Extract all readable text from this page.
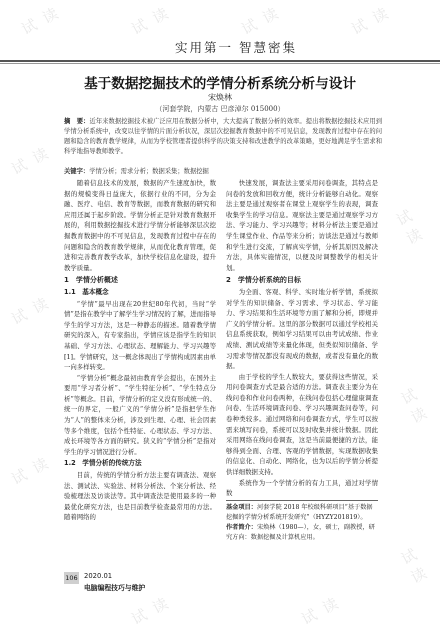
试 读	试 读	试 读	试 读
试 读
试 读
试 读
试 读
试 读
试 读
试 读	试 读
实用第一 智慧密集
基于数据挖掘技术的学情分析系统分析与设计
宋焕林
（河套学院，内蒙古 巴彦淖尔 015000）
摘　要：近年来数据挖掘技术被广泛应用在数据分析中，大大提高了数据分析的效率。提出将数据挖掘技术应用到学情分析系统中，改变以往学情的片面分析状况，深层次挖掘教育数据中的不可见信息，发现教育过程中存在的问题和隐含的教育教学规律，从而为学校管理者提供科学的决策支持和改进教学的改革策略，更好地满足学生需求和科学地指导教师教学。
关键字：学情分析；需求分析；数据采集；数据挖掘

随着信息技术的发展，数据的产生速度加快，数据的规模变得日益庞大，依据行业的不同，分为金融、医疗、电信、教育等数据，而教育数据的研究和应用还属于起步阶段。学情分析正是针对教育数据开展的，利用数据挖掘技术进行学情分析能够深层次挖掘教育数据中的不可见信息，发现教育过程中存在的问题和隐含的教育教学规律，从而优化教育管理，促进和完善教育教学改革，加快学校信息化建设，提升教学质量。

1　学情分析概述
1.1　基本概念

“学情”最早出现在20世纪80年代初，当时“学情”是指在教学中了解学生学习情况的了解，进而指导学生的学习方法，这是一种静态的描述。随着教学情研究的深入，有专家指出，学情应该是指学生的知识基础、学习方法、心理状态、理解能力、学习兴趣等[1]。学情研究，这一概念体现出了学情构成因素由单一向多样转变。

“学情分析”概念最初由教育学会提出，在国外主要用“学习者分析”、“学生特征分析”、“学生特点分析”等概念。目前，学情分析的定义没有形成统一的、统一的界定，一般广义的“学情分析”是指把学生作为“人”的整体来分析，涉及到生理、心理、社会因素等多个维度，包括个性特征、心理状态、学习方法、成长环境等各方面的研究。狭义的“学情分析”是指对学生的学习情况进行分析。

1.2　学情分析的传统方法

目前，传统的学情分析方法主要有调查法、观察法、测试法、实验法、材料分析法、个案分析法、经验梳理法及访谈法等。其中调查法是使用最多的一种最优化研究方法，也是目前教学检查最常用的方法。随着网络的

快速发展，调查法主要采用问卷调查，其特点是问卷的发放和回收方便，统计分析能够自动化。观察法主要是通过观察者在课堂上观察学生的表现，调查收集学生的学习信息。观察法主要是通过观察学习方法、学习能力、学习兴趣等；材料分析法主要是通过学生课堂作业、作品等来分析；访谈法是通过与教师和学生进行交流，了解真实学情，分析其原因及解决方法，具体实施情况，以便及时调整教学的相关计划。

2　学情分析系统的目标

为全面、客观、科学、实时地分析学情，系统拟对学生的知识储备、学习需求、学习状态、学习能力、学习结果和生活环境等方面了解和分析，即规并广义的学情分析。这里的部分数据可以通过学校相关信息系统获取，例如学习结果可以由考试成绩、作业成绩、测试成绩等来量化体现，但类似知识储备、学习需求等情况都没有现成的数据，或者没有量化的数据。

由于学校的学生人数较大，要获得这些情况，采用问卷调查方式是最合适的方法。调查表主要分为在线问卷和作业问卷两种，在线问卷包括心理健康调查问卷、生活环境调查问卷、学习兴趣调查问卷等，问卷种类较多。通过网络和问卷调查方式，学生可以按需来填写问卷，系统可以及时收集并统计数据。因此采用网络在线问卷调查，这是当前最便捷的方法，能够得到全面、合理、客观的学情数据，实现数据收集的信息化、自动化、网络化，也为以后的学情分析提供详细数据支持。

系统作为一个学情分析的有力工具，通过对学情数

基金项目：河套学院 2018 年校级科研项目“基于数据挖掘的学情分析系统开发研究”（HYZY201819）。
作者简介：宋焕林（1980—），女，硕士，副教授，研究方向：数据挖掘及计算机应用。
106 2020.01
电脑编程技巧与维护
